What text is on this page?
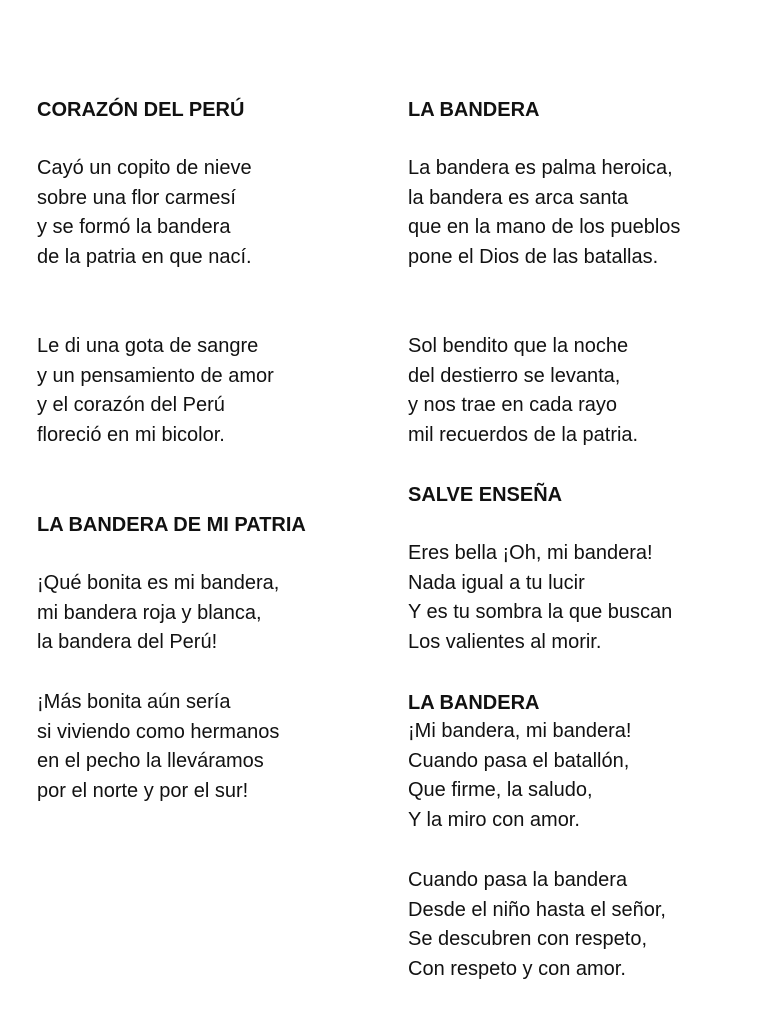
CORAZÓN DEL PERÚ
Cayó un copito de nieve
sobre una flor carmesí
y se formó la bandera
de la patria en que nací.
Le di una gota de sangre
y un pensamiento de amor
y el corazón del Perú
floreció en mi bicolor.
LA BANDERA DE MI PATRIA
¡Qué bonita es mi bandera,
mi bandera roja y blanca,
la bandera del Perú!
¡Más bonita aún sería
si viviendo como hermanos
en el pecho la lleváramos
por el norte y por el sur!
LA BANDERA
La bandera es palma heroica,
la bandera es arca santa
que en la mano de los pueblos
pone el Dios de las batallas.
Sol bendito que la noche
del destierro se levanta,
y nos trae en cada rayo
mil recuerdos de la patria.
SALVE ENSEÑA
Eres bella ¡Oh, mi bandera!
Nada igual a tu lucir
Y es tu sombra la que buscan
Los valientes al morir.
LA BANDERA
¡Mi bandera, mi bandera!
Cuando pasa el batallón,
Que firme, la saludo,
Y la miro con amor.
Cuando pasa la bandera
Desde el niño hasta el señor,
Se descubren con respeto,
Con respeto y con amor.
